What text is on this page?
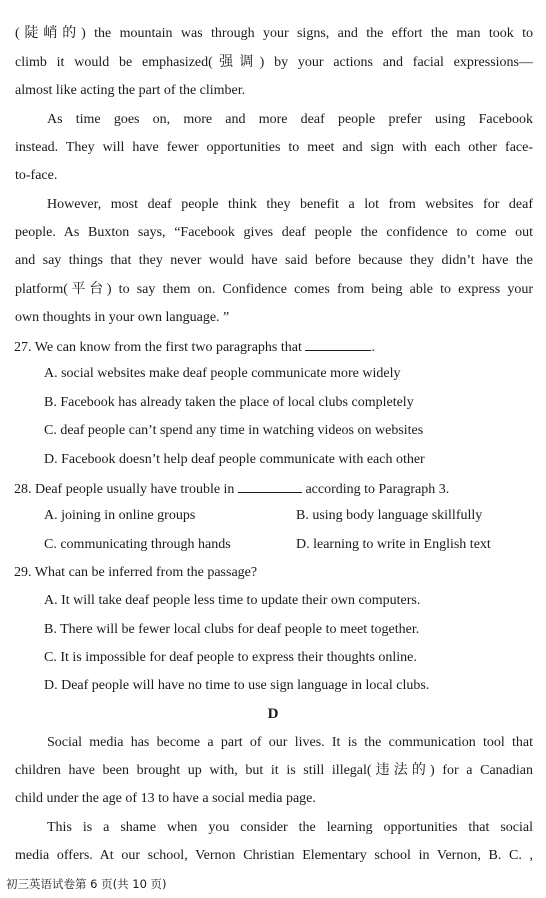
(陡峭的) the mountain was through your signs, and the effort the man took to
climb it would be emphasized(强调) by your actions and facial expressions—
almost like acting the part of the climber.
As time goes on, more and more deaf people prefer using Facebook
instead. They will have fewer opportunities to meet and sign with each other face-
to-face.
However, most deaf people think they benefit a lot from websites for deaf
people. As Buxton says, “Facebook gives deaf people the confidence to come out
and say things that they never would have said before because they didn’t have the
platform(平台) to say them on. Confidence comes from being able to express your
own thoughts in your own language. ”
27. We can know from the first two paragraphs that	.
A. social websites make deaf people communicate more widely
B. Facebook has already taken the place of local clubs completely
C. deaf people can’t spend any time in watching videos on websites
D. Facebook doesn’t help deaf people communicate with each other
28. Deaf people usually have trouble in	according to Paragraph 3.
A. joining in online groups	B. using body language skillfully
C. communicating through hands	D. learning to write in English text
29. What can be inferred from the passage?
A. It will take deaf people less time to update their own computers.
B. There will be fewer local clubs for deaf people to meet together.
C. It is impossible for deaf people to express their thoughts online.
D. Deaf people will have no time to use sign language in local clubs.
D
Social media has become a part of our lives. It is the communication tool that
children have been brought up with, but it is still illegal(违法的) for a Canadian
child under the age of 13 to have a social media page.
This is a shame when you consider the learning opportunities that social
media offers. At our school, Vernon Christian Elementary school in Vernon, B. C. ,
初三英语试卷第 6 页(共 10 页)
